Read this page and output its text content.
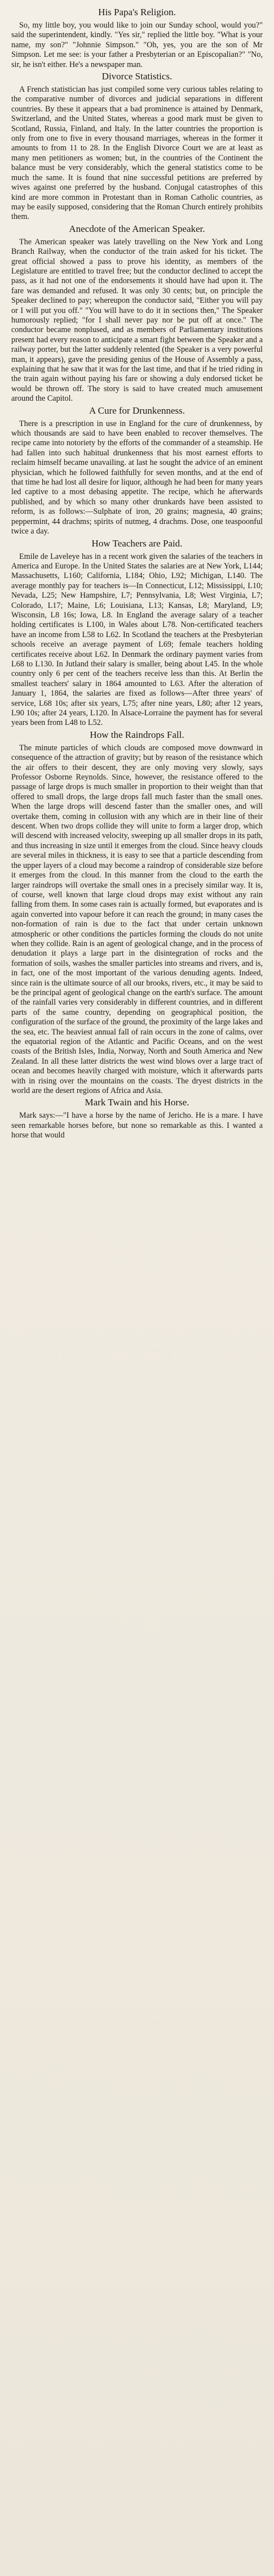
His Papa's Religion.

So, my little boy, you would like to join our Sunday school, would you?" said the superintendent, kindly. "Yes sir," replied the little boy. "What is your name, my son?" "Johnnie Simpson." "Oh, yes, you are the son of Mr Simpson. Let me see: is your father a Presbyterian or an Episcopalian?" "No, sir, he isn't either. He's a newspaper man.

Divorce Statistics.

A French statistician has just compiled some very curious tables relating to the comparative number of divorces and judicial separations in different countries. By these it appears that a bad prominence is attained by Denmark, Switzerland, and the United States, whereas a good mark must be given to Scotland, Russia, Finland, and Italy. In the latter countries the proportion is only from one to five in every thousand marriages, whereas in the former it amounts to from 11 to 28. In the English Divorce Court we are at least as many men petitioners as women; but, in the countries of the Continent the balance must be very considerably, which the general statistics come to be much the same. It is found that nine successful petitions are preferred by wives against one preferred by the husband. Conjugal catastrophes of this kind are more common in Protestant than in Roman Catholic countries, as may be easily supposed, considering that the Roman Church entirely prohibits them.

Anecdote of the American Speaker.

The American speaker was lately travelling on the New York and Long Branch Railway, when the conductor of the train asked for his ticket. The great official showed a pass to prove his identity, as members of the Legislature are entitled to travel free; but the conductor declined to accept the pass, as it had not one of the endorsements it should have had upon it. The fare was demanded and refused. It was only 30 cents; but, on principle the Speaker declined to pay; whereupon the conductor said, "Either you will pay or I will put you off." "You will have to do it in sections then," The Speaker humorously replied; "for I shall never pay nor be put off at once." The conductor became nonplused, and as members of Parliamentary institutions present had every reason to anticipate a smart fight between the Speaker and a railway porter, but the latter suddenly relented (the Speaker is a very powerful man, it appears), gave the presiding genius of the House of Assembly a pass, explaining that he saw that it was for the last time, and that if he tried riding in the train again without paying his fare or showing a duly endorsed ticket he would be thrown off. The story is said to have created much amusement around the Capitol.

A Cure for Drunkenness.

There is a prescription in use in England for the cure of drunkenness, by which thousands are said to have been enabled to recover themselves. The recipe came into notoriety by the efforts of the commander of a steamship. He had fallen into such habitual drunkenness that his most earnest efforts to reclaim himself became unavailing. at last he sought the advice of an eminent physician, which he followed faithfully for seven months, and at the end of that time he had lost all desire for liquor, although he had been for many years led captive to a most debasing appetite. The recipe, which he afterwards published, and by which so many other drunkards have been assisted to reform, is as follows:—Sulphate of iron, 20 grains; magnesia, 40 grains; peppermint, 44 drachms; spirits of nutmeg, 4 drachms. Dose, one teaspoonful twice a day.

How Teachers are Paid.

Emile de Laveleye has in a recent work given the salaries of the teachers in America and Europe. In the United States the salaries are at New York, L144; Massachusetts, L160; California, L184; Ohio, L92; Michigan, L140. The average monthly pay for teachers is—In Connecticut, L12; Mississippi, L10; Nevada, L25; New Hampshire, L7; Pennsylvania, L8; West Virginia, L7; Colorado, L17; Maine, L6; Louisiana, L13; Kansas, L8; Maryland, L9; Wisconsin, L8 16s; Iowa, L8. In England the average salary of a teacher holding certificates is L100, in Wales about L78. Non-certificated teachers have an income from L58 to L62. In Scotland the teachers at the Presbyterian schools receive an average payment of L69; female teachers holding certificates receive about L62. In Denmark the ordinary payment varies from L68 to L130. In Jutland their salary is smaller, being about L45. In the whole country only 6 per cent of the teachers receive less than this. At Berlin the smallest teachers' salary in 1864 amounted to L63. After the alteration of January 1, 1864, the salaries are fixed as follows—After three years' of service, L68 10s; after six years, L75; after nine years, L80; after 12 years, L90 10s; after 24 years, L120. In Alsace-Lorraine the payment has for several years been from L48 to L52.

How the Raindrops Fall.

The minute particles of which clouds are composed move downward in consequence of the attraction of gravity; but by reason of the resistance which the air offers to their descent, they are only moving very slowly, says Professor Osborne Reynolds. Since, however, the resistance offered to the passage of large drops is much smaller in proportion to their weight than that offered to small drops, the large drops fall much faster than the small ones. When the large drops will descend faster than the smaller ones, and will overtake them, coming in collusion with any which are in their line of their descent. When two drops collide they will unite to form a larger drop, which will descend with increased velocity, sweeping up all smaller drops in its path, and thus increasing in size until it emerges from the cloud. Since heavy clouds are several miles in thickness, it is easy to see that a particle descending from the upper layers of a cloud may become a raindrop of considerable size before it emerges from the cloud. In this manner from the cloud to the earth the larger raindrops will overtake the small ones in a precisely similar way. It is, of course, well known that large cloud drops may exist without any rain falling from them. In some cases rain is actually formed, but evaporates and is again converted into vapour before it can reach the ground; in many cases the non-formation of rain is due to the fact that under certain unknown atmospheric or other conditions the particles forming the clouds do not unite when they collide. Rain is an agent of geological change, and in the process of denudation it plays a large part in the disintegration of rocks and the formation of soils, washes the smaller particles into streams and rivers, and is, in fact, one of the most important of the various denuding agents. Indeed, since rain is the ultimate source of all our brooks, rivers, etc., it may be said to be the principal agent of geological change on the earth's surface. The amount of the rainfall varies very considerably in different countries, and in different parts of the same country, depending on geographical position, the configuration of the surface of the ground, the proximity of the large lakes and the sea, etc. The heaviest annual fall of rain occurs in the zone of calms, over the equatorial region of the Atlantic and Pacific Oceans, and on the west coasts of the British Isles, India, Norway, North and South America and New Zealand. In all these latter districts the west wind blows over a large tract of ocean and becomes heavily charged with moisture, which it afterwards parts with in rising over the mountains on the coasts. The dryest districts in the world are the desert regions of Africa and Asia.

Mark Twain and his Horse.

Mark says:—"I have a horse by the name of Jericho. He is a mare. I have seen remarkable horses before, but none so remarkable as this. I wanted a horse that would
